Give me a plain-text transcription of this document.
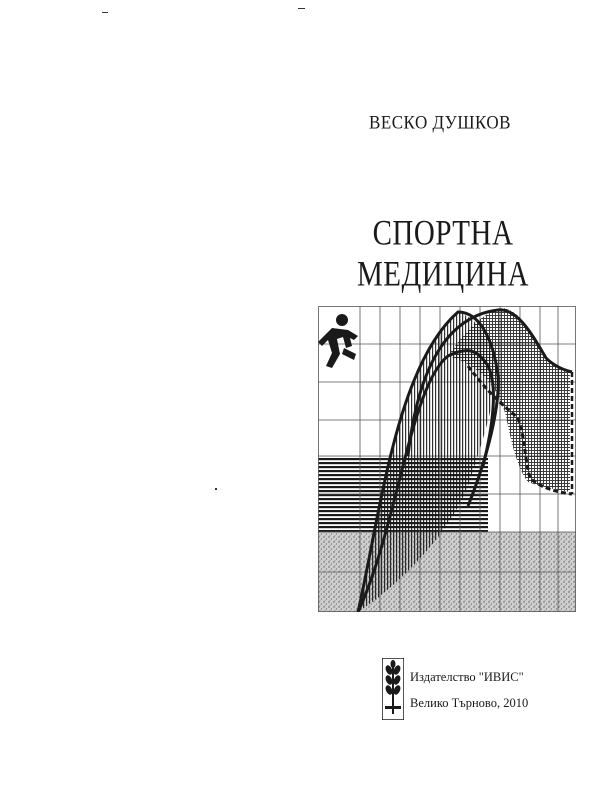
ВЕСКО ДУШКОВ
СПОРТНА МЕДИЦИНА
Издателство "ИВИС"
Велико Търново, 2010
